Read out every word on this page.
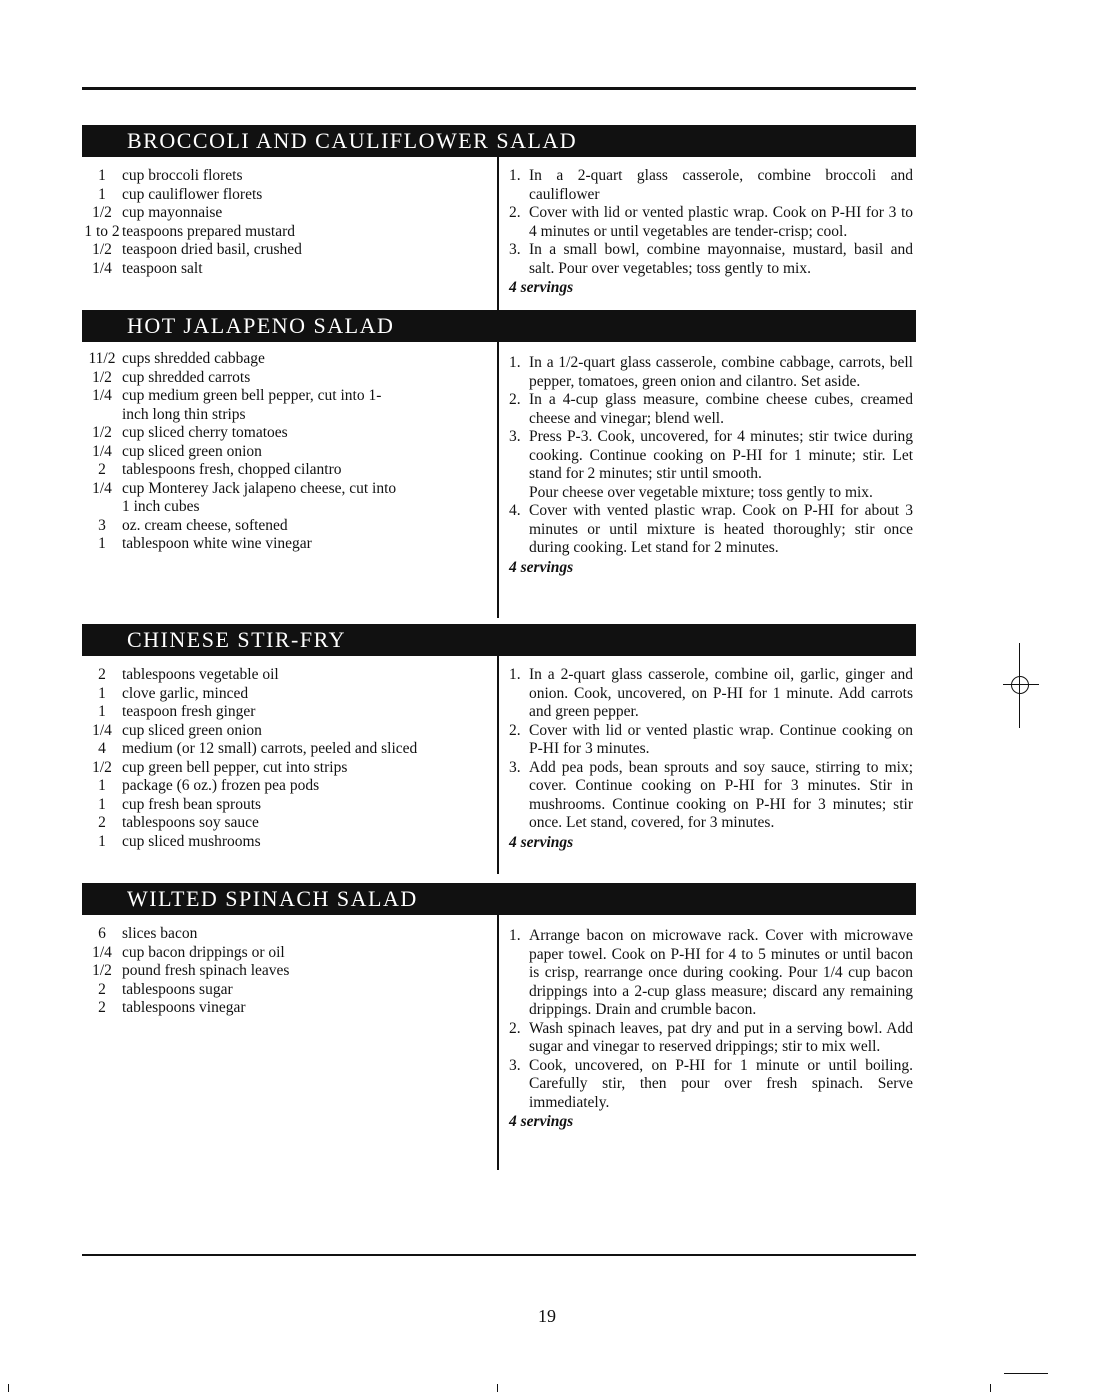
BROCCOLI AND CAULIFLOWER SALAD
1	cup broccoli florets
1	cup cauliflower florets
1/2 cup mayonnaise
1 to 2 teaspoons prepared mustard
1/2 teaspoon dried basil, crushed
1/4 teaspoon salt
1. In a 2-quart glass casserole, combine broccoli and cauliflower
2. Cover with lid or vented plastic wrap. Cook on P-HI for 3 to 4 minutes or until vegetables are tender-crisp; cool.
3. In a small bowl, combine mayonnaise, mustard, basil and salt. Pour over vegetables; toss gently to mix.
4 servings
HOT JALAPENO SALAD
11/2 cups shredded cabbage
1/2 cup shredded carrots
1/4 cup medium green bell pepper, cut into 1-inch long thin strips
1/2 cup sliced cherry tomatoes
1/4 cup sliced green onion
2	tablespoons fresh, chopped cilantro
1/4 cup Monterey Jack jalapeno cheese, cut into 1 inch cubes
3	oz. cream cheese, softened
1	tablespoon white wine vinegar
1. In a 1/2-quart glass casserole, combine cabbage, carrots, bell pepper, tomatoes, green onion and cilantro. Set aside.
2. In a 4-cup glass measure, combine cheese cubes, creamed cheese and vinegar; blend well.
3. Press P-3. Cook, uncovered, for 4 minutes; stir twice during cooking. Continue cooking on P-HI for 1 minute; stir. Let stand for 2 minutes; stir until smooth.
Pour cheese over vegetable mixture; toss gently to mix.
4. Cover with vented plastic wrap. Cook on P-HI for about 3 minutes or until mixture is heated thoroughly; stir once during cooking. Let stand for 2 minutes.
4 servings
CHINESE STIR-FRY
2	tablespoons vegetable oil
1	clove garlic, minced
1	teaspoon fresh ginger
1/4 cup sliced green onion
4	medium (or 12 small) carrots, peeled and sliced
1/2 cup green bell pepper, cut into strips
1	package (6 oz.) frozen pea pods
1	cup fresh bean sprouts
2	tablespoons soy sauce
1	cup sliced mushrooms
1. In a 2-quart glass casserole, combine oil, garlic, ginger and onion. Cook, uncovered, on P-HI for 1 minute. Add carrots and green pepper.
2. Cover with lid or vented plastic wrap. Continue cooking on P-HI for 3 minutes.
3. Add pea pods, bean sprouts and soy sauce, stirring to mix; cover. Continue cooking on P-HI for 3 minutes. Stir in mushrooms. Continue cooking on P-HI for 3 minutes; stir once. Let stand, covered, for 3 minutes.
4 servings
WILTED SPINACH SALAD
6	slices bacon
1/4 cup bacon drippings or oil
1/2 pound fresh spinach leaves
2	tablespoons sugar
2	tablespoons vinegar
1. Arrange bacon on microwave rack. Cover with microwave paper towel. Cook on P-HI for 4 to 5 minutes or until bacon is crisp, rearrange once during cooking. Pour 1/4 cup bacon drippings into a 2-cup glass measure; discard any remaining drippings. Drain and crumble bacon.
2. Wash spinach leaves, pat dry and put in a serving bowl. Add sugar and vinegar to reserved drippings; stir to mix well.
3. Cook, uncovered, on P-HI for 1 minute or until boiling. Carefully stir, then pour over fresh spinach. Serve immediately.
4 servings
19
